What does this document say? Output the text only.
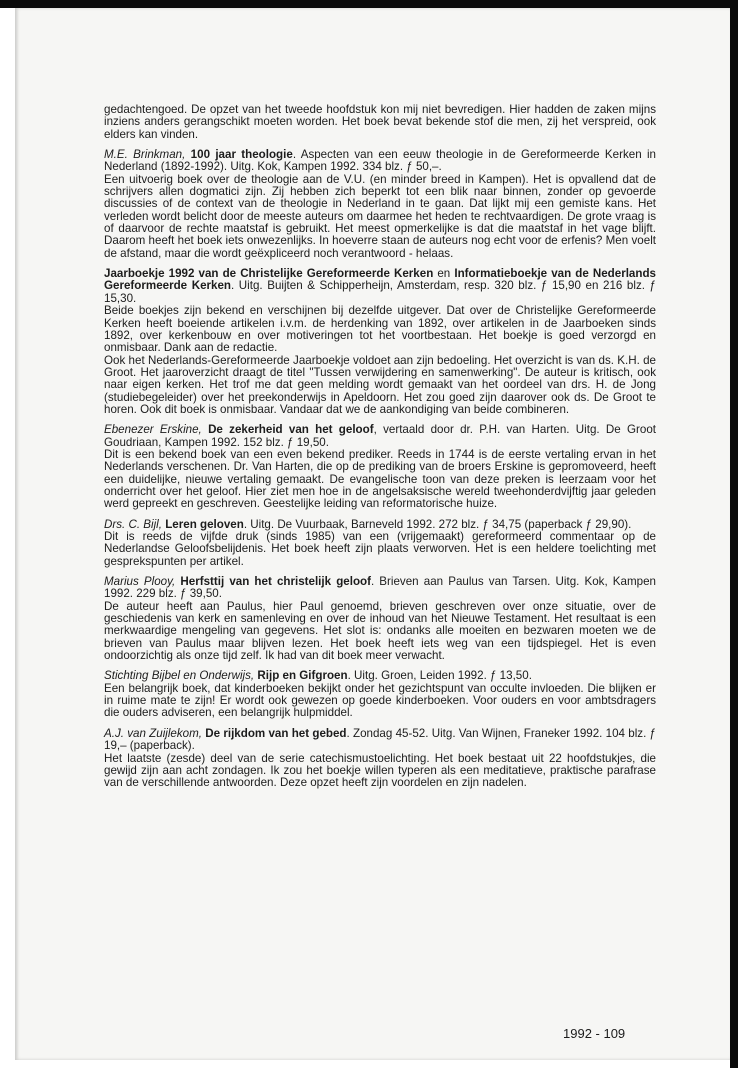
gedachtengoed. De opzet van het tweede hoofdstuk kon mij niet bevredigen. Hier hadden de zaken mijns inziens anders gerangschikt moeten worden. Het boek bevat bekende stof die men, zij het verspreid, ook elders kan vinden.

M.E. Brinkman, 100 jaar theologie. Aspecten van een eeuw theologie in de Gereformeerde Kerken in Nederland (1892-1992). Uitg. Kok, Kampen 1992. 334 blz. ƒ 50,–.

Een uitvoerig boek over de theologie aan de V.U. (en minder breed in Kampen). Het is opvallend dat de schrijvers allen dogmatici zijn. Zij hebben zich beperkt tot een blik naar binnen, zonder op gevoerde discussies of de context van de theologie in Nederland in te gaan. Dat lijkt mij een gemiste kans. Het verleden wordt belicht door de meeste auteurs om daarmee het heden te rechtvaardigen. De grote vraag is of daarvoor de rechte maatstaf is gebruikt. Het meest opmerkelijke is dat die maatstaf in het vage blijft. Daarom heeft het boek iets onwezenlijks. In hoeverre staan de auteurs nog echt voor de erfenis? Men voelt de afstand, maar die wordt geëxpliceerd noch verantwoord - helaas.

Jaarboekje 1992 van de Christelijke Gereformeerde Kerken en Informatieboekje van de Nederlands Gereformeerde Kerken. Uitg. Buijten & Schipperheijn, Amsterdam, resp. 320 blz. ƒ 15,90 en 216 blz. ƒ 15,30.

Beide boekjes zijn bekend en verschijnen bij dezelfde uitgever. Dat over de Christelijke Gereformeerde Kerken heeft boeiende artikelen i.v.m. de herdenking van 1892, over artikelen in de Jaarboeken sinds 1892, over kerkenbouw en over motiveringen tot het voortbestaan. Het boekje is goed verzorgd en onmisbaar. Dank aan de redactie.

Ook het Nederlands-Gereformeerde Jaarboekje voldoet aan zijn bedoeling. Het overzicht is van ds. K.H. de Groot. Het jaaroverzicht draagt de titel "Tussen verwijdering en samenwerking". De auteur is kritisch, ook naar eigen kerken. Het trof me dat geen melding wordt gemaakt van het oordeel van drs. H. de Jong (studiebegeleider) over het preekonderwijs in Apeldoorn. Het zou goed zijn daarover ook ds. De Groot te horen. Ook dit boek is onmisbaar. Vandaar dat we de aankondiging van beide combineren.

Ebenezer Erskine, De zekerheid van het geloof, vertaald door dr. P.H. van Harten. Uitg. De Groot Goudriaan, Kampen 1992. 152 blz. ƒ 19,50.

Dit is een bekend boek van een even bekend prediker. Reeds in 1744 is de eerste vertaling ervan in het Nederlands verschenen. Dr. Van Harten, die op de prediking van de broers Erskine is gepromoveerd, heeft een duidelijke, nieuwe vertaling gemaakt. De evangelische toon van deze preken is leerzaam voor het onderricht over het geloof. Hier ziet men hoe in de angelsaksische wereld tweehonderdvijftig jaar geleden werd gepreekt en geschreven. Geestelijke leiding van reformatorische huize.

Drs. C. Bijl, Leren geloven. Uitg. De Vuurbaak, Barneveld 1992. 272 blz. ƒ 34,75 (paperback ƒ 29,90).

Dit is reeds de vijfde druk (sinds 1985) van een (vrijgemaakt) gereformeerd commentaar op de Nederlandse Geloofsbelijdenis. Het boek heeft zijn plaats verworven. Het is een heldere toelichting met gesprekspunten per artikel.

Marius Plooy, Herfsttij van het christelijk geloof. Brieven aan Paulus van Tarsen. Uitg. Kok, Kampen 1992. 229 blz. ƒ 39,50.

De auteur heeft aan Paulus, hier Paul genoemd, brieven geschreven over onze situatie, over de geschiedenis van kerk en samenleving en over de inhoud van het Nieuwe Testament. Het resultaat is een merkwaardige mengeling van gegevens. Het slot is: ondanks alle moeiten en bezwaren moeten we de brieven van Paulus maar blijven lezen. Het boek heeft iets weg van een tijdspiegel. Het is even ondoorzichtig als onze tijd zelf. Ik had van dit boek meer verwacht.

Stichting Bijbel en Onderwijs, Rijp en Gifgroen. Uitg. Groen, Leiden 1992. ƒ 13,50.

Een belangrijk boek, dat kinderboeken bekijkt onder het gezichtspunt van occulte invloeden. Die blijken er in ruime mate te zijn! Er wordt ook gewezen op goede kinderboeken. Voor ouders en voor ambtsdragers die ouders adviseren, een belangrijk hulpmiddel.

A.J. van Zuijlekom, De rijkdom van het gebed. Zondag 45-52. Uitg. Van Wijnen, Franeker 1992. 104 blz. ƒ 19,– (paperback).

Het laatste (zesde) deel van de serie catechismustoelichting. Het boek bestaat uit 22 hoofdstukjes, die gewijd zijn aan acht zondagen. Ik zou het boekje willen typeren als een meditatieve, praktische parafrase van de verschillende antwoorden. Deze opzet heeft zijn voordelen en zijn nadelen.

1992 - 109
